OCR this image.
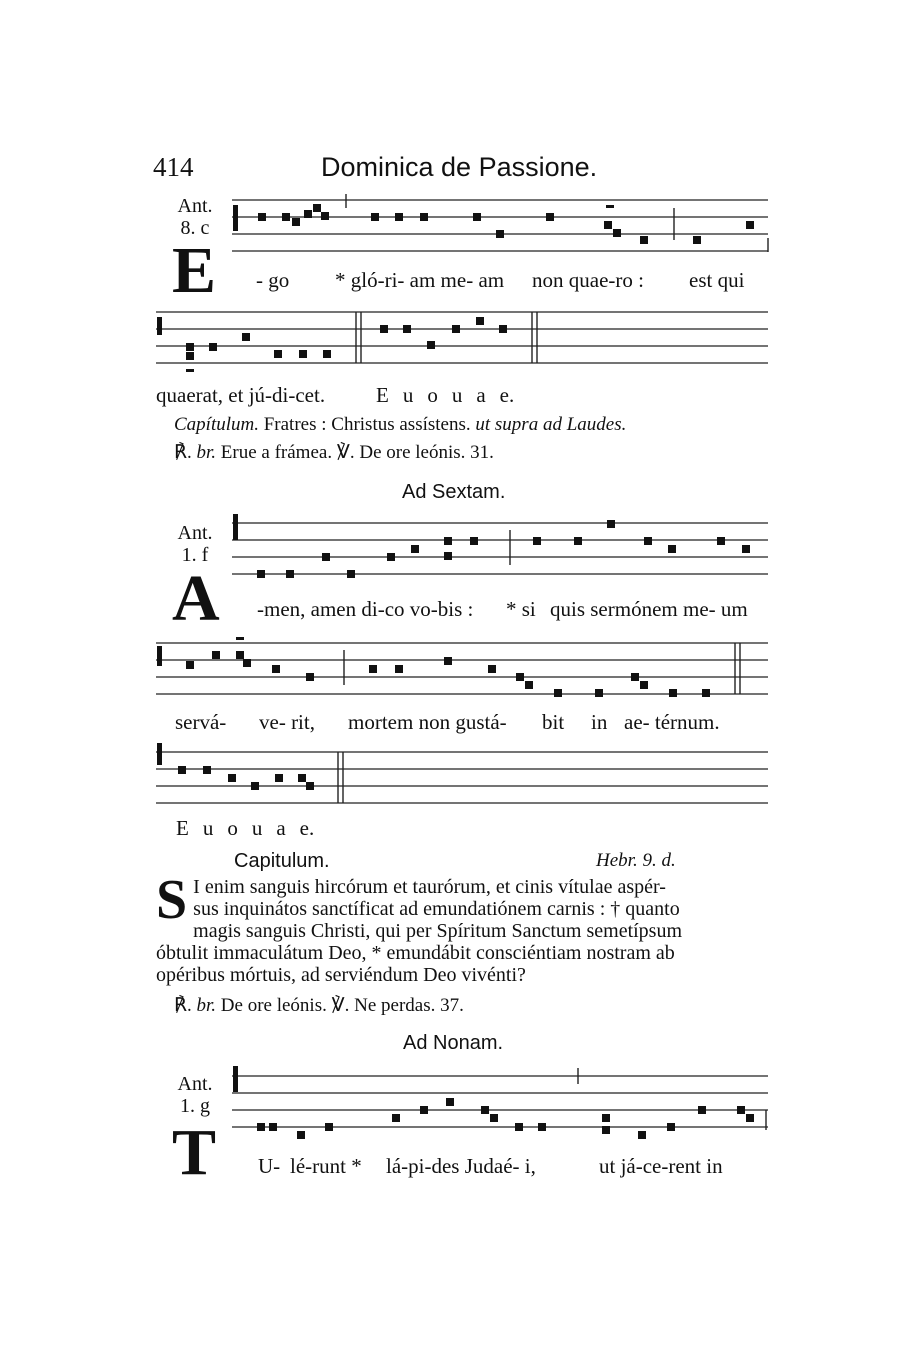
414	Dominica de Passione.
Ant.
8. c
E - go * gló-ri- am me- am non quae-ro : est qui
quaerat, et jú-di-cet. E u o u a e.
Capítulum. Fratres : Christus assístens. ut supra ad Laudes.
℟. br. Erue a frámea. ℣. De ore leónis. 31.
Ad Sextam.
Ant.
1. f
A -men, amen di-co vo-bis : * si quis sermónem me- um
servá- ve- rit, mortem non gustá- bit in ae- térnum.
E u o u a e.
Capitulum.	Hebr. 9. d.
S I enim sanguis hircórum et taurórum, et cinis vítulae aspér-

sus inquinátos sanctíficat ad emundatiónem carnis : † quanto

magis sanguis Christi, qui per Spíritum Sanctum semetípsum

óbtulit immaculátum Deo, * emundábit consciéntiam nostram ab

opéribus mórtuis, ad serviéndum Deo vivénti?

℟. br. De ore leónis. ℣. Ne perdas. 37.
Ad Nonam.
Ant.
1. g
T U- lé-runt * lá-pi-des Judaé- i,	ut já-ce-rent in
